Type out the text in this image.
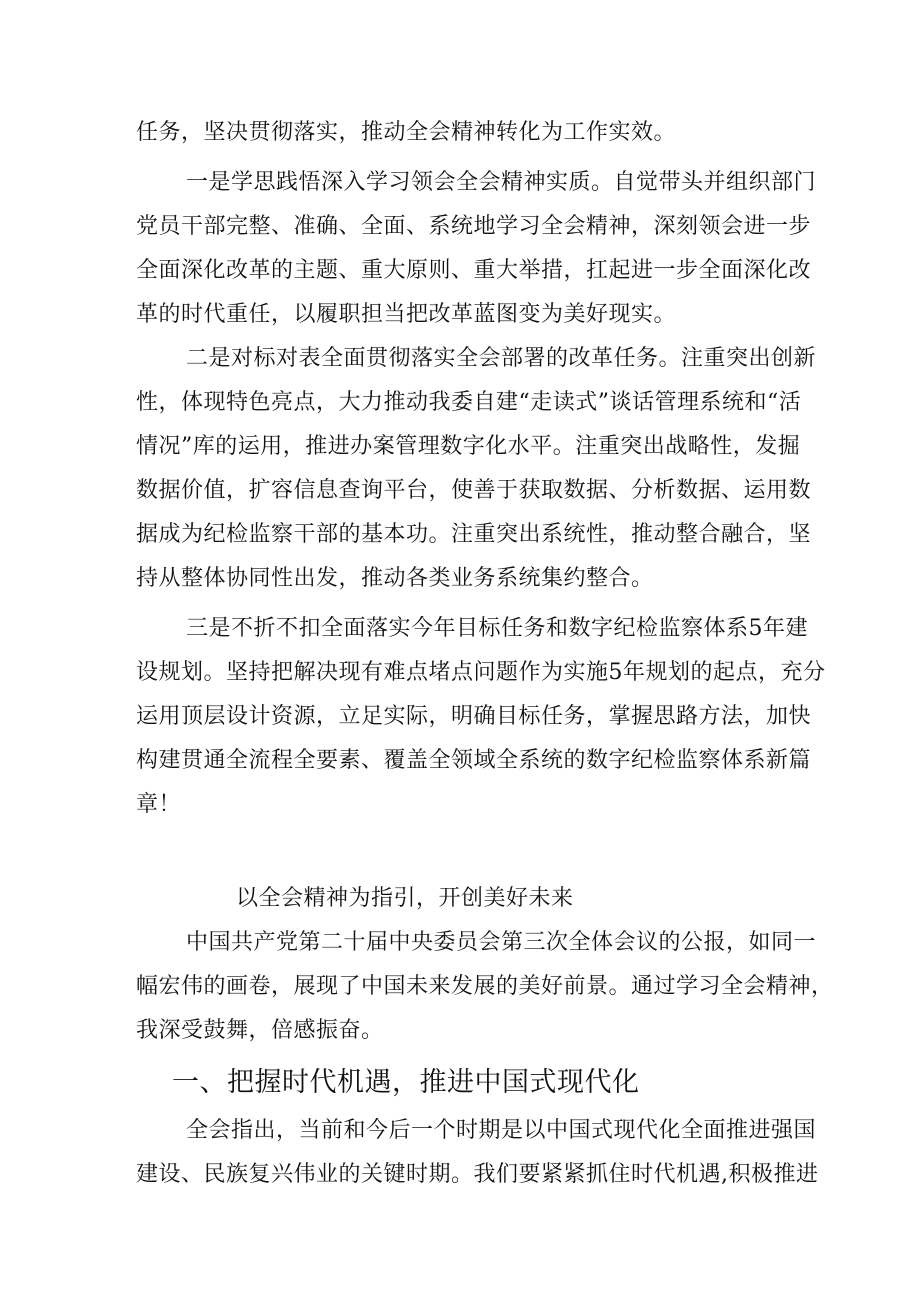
任务，坚决贯彻落实，推动全会精神转化为工作实效。
一是学思践悟深入学习领会全会精神实质。自觉带头并组织部门
党员干部完整、准确、全面、系统地学习全会精神，深刻领会进一步
全面深化改革的主题、重大原则、重大举措，扛起进一步全面深化改
革的时代重任，以履职担当把改革蓝图变为美好现实。
二是对标对表全面贯彻落实全会部署的改革任务。注重突出创新
性，体现特色亮点，大力推动我委自建“走读式”谈话管理系统和“活
情况”库的运用，推进办案管理数字化水平。注重突出战略性，发掘
数据价值，扩容信息查询平台，使善于获取数据、分析数据、运用数
据成为纪检监察干部的基本功。注重突出系统性，推动整合融合，坚
持从整体协同性出发，推动各类业务系统集约整合。
三是不折不扣全面落实今年目标任务和数字纪检监察体系5年建
设规划。坚持把解决现有难点堵点问题作为实施5年规划的起点，充分
运用顶层设计资源，立足实际，明确目标任务，掌握思路方法，加快
构建贯通全流程全要素、覆盖全领域全系统的数字纪检监察体系新篇
章！
以全会精神为指引，开创美好未来
中国共产党第二十届中央委员会第三次全体会议的公报，如同一
幅宏伟的画卷，展现了中国未来发展的美好前景。通过学习全会精神，
我深受鼓舞，倍感振奋。
一、把握时代机遇，推进中国式现代化
全会指出，当前和今后一个时期是以中国式现代化全面推进强国
建设、民族复兴伟业的关键时期。我们要紧紧抓住时代机遇,积极推进
